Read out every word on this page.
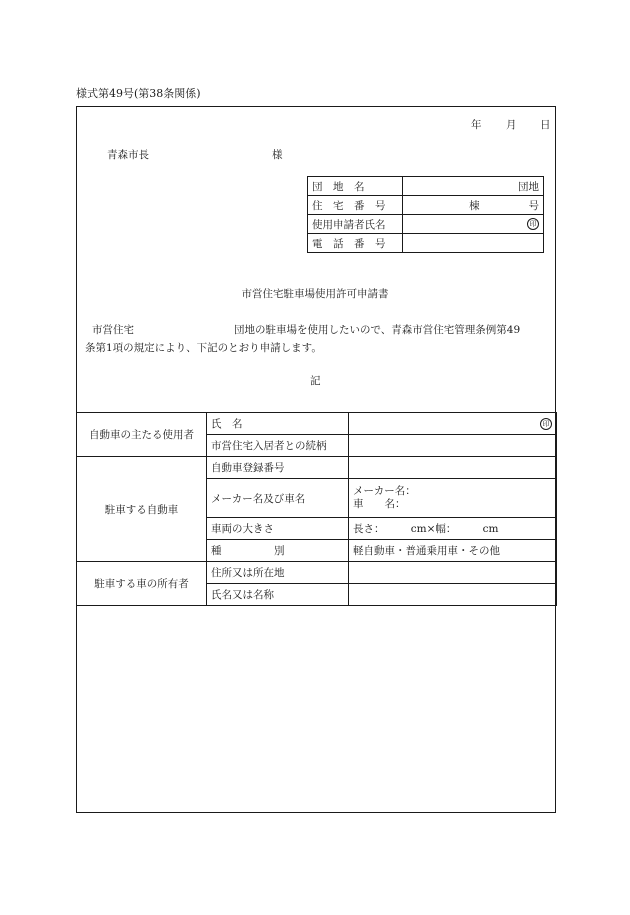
様式第49号(第38条関係)
年 月 日
青森市長	様
団　地　名	団地
住　宅　番　号	棟 号

使用申請者氏名	印
電　話　番　号	
市営住宅駐車場使用許可申請書
市営住宅	団地の駐車場を使用したいので、青森市営住宅管理条例第49
条第1項の規定により、下記のとおり申請します。
記
自動車の主たる使用者	氏　名	印
	市営住宅入居者との続柄	
駐車する自動車	自動車登録番号	
	メーカー名及び車名	メーカー名：
車　　名：

	車両の大きさ	長さ：　　　cm×幅：　　　cm
	種　　　　　別	軽自動車・普通乗用車・その他
駐車する車の所有者	住所又は所在地	
	氏名又は名称	
